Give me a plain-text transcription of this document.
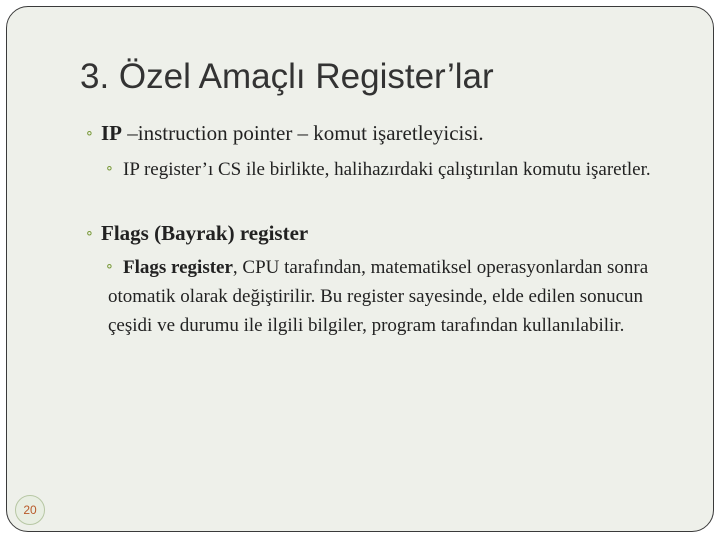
3. Özel Amaçlı Register’lar

⚬ IP –instruction pointer – komut işaretleyicisi.

⚬ IP register’ı CS ile birlikte, halihazırdaki çalıştırılan komutu işaretler.

⚬ Flags (Bayrak) register

⚬ Flags register, CPU tarafından, matematiksel operasyonlardan sonra otomatik olarak değiştirilir. Bu register sayesinde, elde edilen sonucun çeşidi ve durumu ile ilgili bilgiler, program tarafından kullanılabilir.

20
